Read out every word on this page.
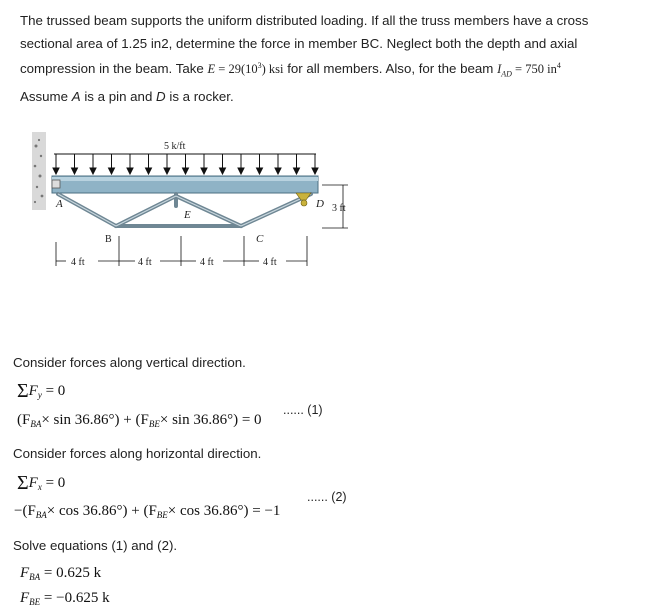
The trussed beam supports the uniform distributed loading. If all the truss members have a cross
sectional area of 1.25 in2, determine the force in member BC. Neglect both the depth and axial
compression in the beam. Take $E = 29(10^3)$ ksi for all members. Also, for the beam $I_{AD} = 750$ $in^4$
Assume A is a pin and D is a rocker.
5 k/ft
A
B	C
D
E
3 ft
4 ft	4 ft	4 ft	4 ft
Consider forces along vertical direction.
$\Sigma F_y = 0$
$(F_{BA}\times \sin 36.86^\circ) + (F_{BE}\times \sin 36.86^\circ) = 0$
...... (1)
Consider forces along horizontal direction.
$\Sigma F_x = 0$
$-(F_{BA}\times \cos 36.86^\circ) + (F_{BE}\times \cos 36.86^\circ) = -1$
...... (2)
Solve equations (1) and (2).
$F_{BA} = 0.625$ k
$F_{BE} = -0.625$ k
